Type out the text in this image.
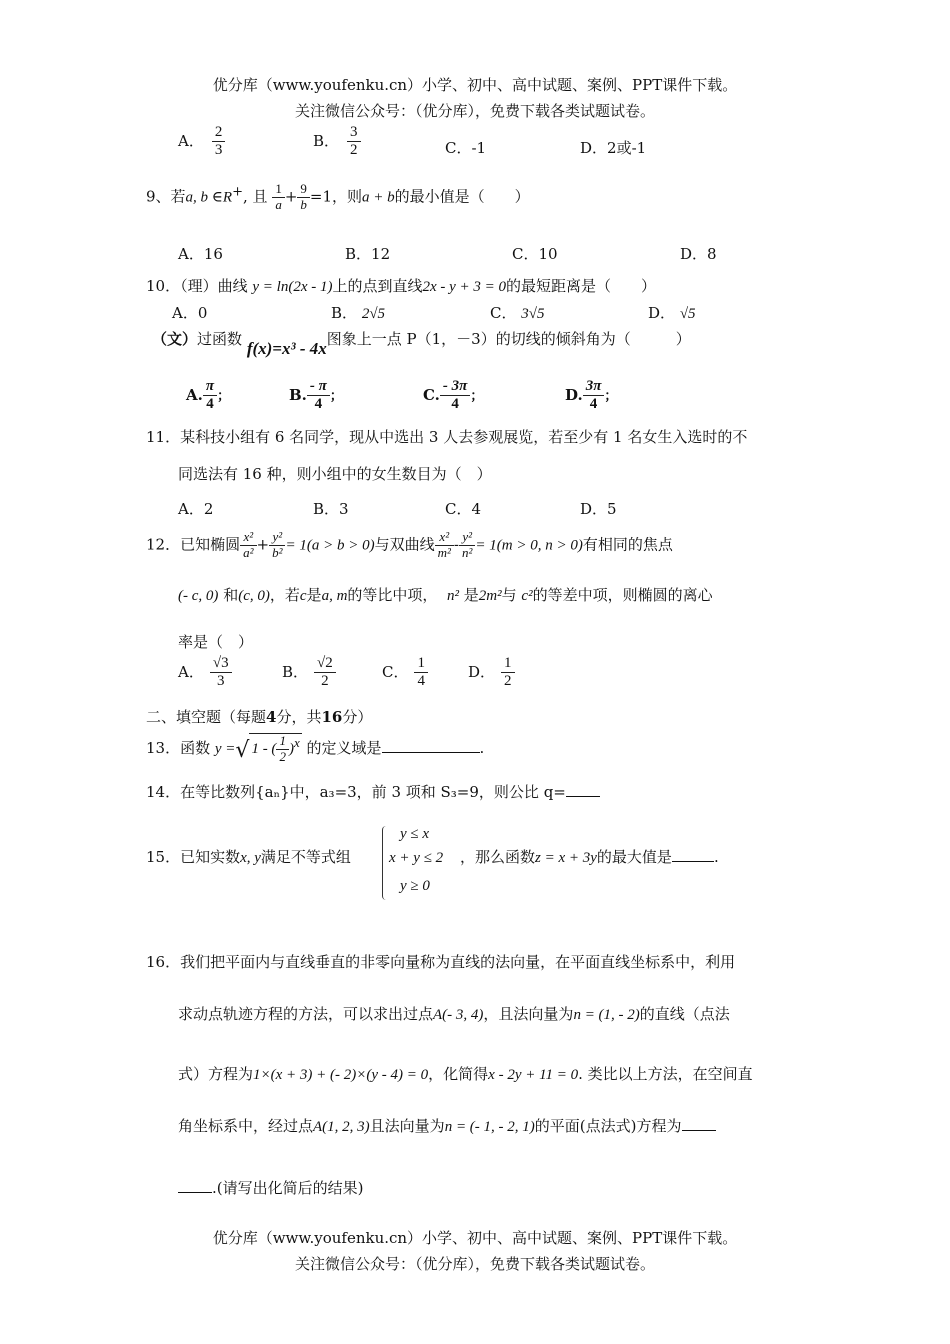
优分库（www.youfenku.cn）小学、初中、高中试题、案例、PPT课件下载。
关注微信公众号：（优分库），免费下载各类试题试卷。
A． $\frac{2}{3}$	B． $\frac{3}{2}$	C．-1	D．2或-1
9、若a, b ∈R+, 且 $\frac{1}{a} + \frac{9}{b} =1$，则a + b的最小值是（　　）
A．16	B．12	C．10	D．8
10．（理）曲线 y = ln(2x - 1)上的点到直线2x - y + 3 = 0的最短距离是（　　）
A．0	B． 2√5	C． 3√5	D． √5
（文）过函数 f(x)=x³ - 4x图象上一点 P（1，－3）的切线的倾斜角为（　　　）
A. $\frac{\pi}{4}$ ；	B. $\frac{- \pi}{4}$ ；	C. $\frac{- 3\pi}{4}$ ；	D. $\frac{3\pi}{4}$ ；
11．某科技小组有 6 名同学，现从中选出 3 人去参观展览，若至少有 1 名女生入选时的不
同选法有 16 种，则小组中的女生数目为（　）
A．2	B．3	C．4	D．5
12．已知椭圆 $\frac{\text{x²}}{\text{a²}} + \frac{\text{y²}}{\text{b²}} = 1(a > b > 0)$与双曲线 $\frac{\text{x²}}{\text{m²}} - \frac{\text{y²}}{\text{n²}} = 1(m > 0$, n > 0)有相同的焦点
(- c, 0) 和(c, 0)，若c是a, m的等比中项， n² 是2m²与 c²的等差中项，则椭圆的离心
率是（　）
A． $\frac{√3}{3}$	B． $\frac{√2}{2}$	C． $\frac{1}{4}$	D． $\frac{1}{2}$
二、填空题（每题4分，共16分）
13．函数 y =√ 1 - ( $\frac{1}{2} )^x$ 的定义域是	.
14．在等比数列{aₙ}中，a₃=3，前 3 项和 S₃=9，则公比 q=
15．已知实数x, y满足不等式组
y ≤ x
x + y ≤ 2
y ≥ 0
，那么函数z = x + 3y的最大值是	.
16．我们把平面内与直线垂直的非零向量称为直线的法向量，在平面直线坐标系中，利用
求动点轨迹方程的方法，可以求出过点A(- 3, 4)，且法向量为n = (1, - 2)的直线（点法
式）方程为1×(x + 3) + (- 2)×(y - 4) = 0，化简得x - 2y + 11 = 0. 类比以上方法，在空间直
角坐标系中，经过点A(1, 2, 3)且法向量为n = (- 1, - 2, 1)的平面(点法式)方程为
.(请写出化简后的结果)
优分库（www.youfenku.cn）小学、初中、高中试题、案例、PPT课件下载。
关注微信公众号：（优分库），免费下载各类试题试卷。
